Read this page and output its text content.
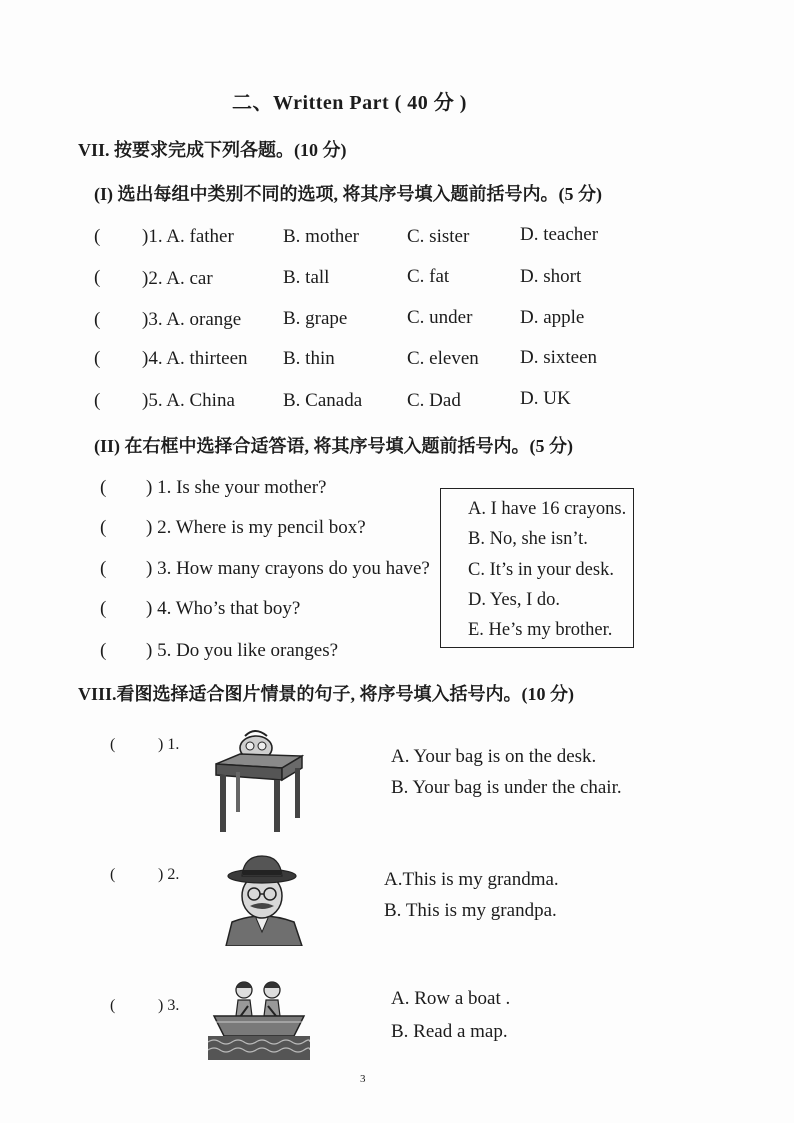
二、Written Part ( 40 分 )
VII. 按要求完成下列各题。(10 分)
(I) 选出每组中类别不同的选项, 将其序号填入题前括号内。(5 分)
( )1. A. father	B. mother	C. sister	D. teacher
( )2. A. car	B. tall	C. fat	D. short
( )3. A. orange B. grape	C. under	D. apple
( )4. A. thirteen B. thin	C. eleven D. sixteen
( )5. A. China	B. Canada C. Dad	D. UK
(II) 在右框中选择合适答语, 将其序号填入题前括号内。(5 分)
( ) 1. Is she your mother?
( ) 2. Where is my pencil box?
( ) 3. How many crayons do you have?
( ) 4. Who’s that boy?
( ) 5. Do you like oranges?
A. I have 16 crayons.
B. No, she isn’t.
C. It’s in your desk.
D. Yes, I do.
E. He’s my brother.
VIII.看图选择适合图片情景的句子, 将序号填入括号内。(10 分)
(	) 1.
A. Your bag is on the desk.
B. Your bag is under the chair.
(	) 2.	A.This is my grandma.
B. This is my grandpa.
(	) 3.	A. Row a boat .
B. Read a map.
3
